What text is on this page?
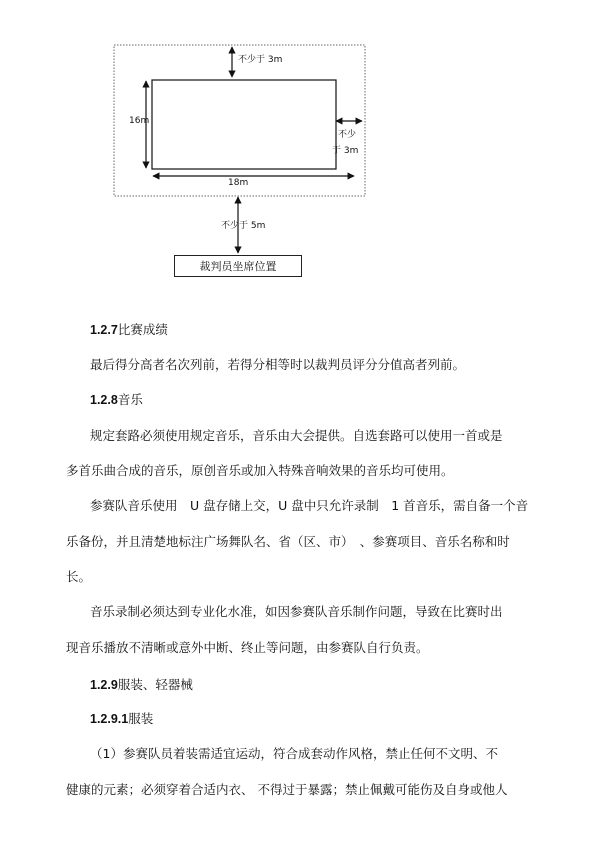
不少于 3m
16m
不少
于 3m
18m
不少于 5m
裁判员坐席位置
1.2.7比赛成绩
最后得分高者名次列前，若得分相等时以裁判员评分分值高者列前。
1.2.8音乐
规定套路必须使用规定音乐，音乐由大会提供。自选套路可以使用一首或是
多首乐曲合成的音乐，原创音乐或加入特殊音响效果的音乐均可使用。
参赛队音乐使用　U 盘存储上交，U 盘中只允许录制　1 首音乐，需自备一个音
乐备份，并且清楚地标注广场舞队名、省（区、市）　、参赛项目、音乐名称和时
长。
音乐录制必须达到专业化水准，如因参赛队音乐制作问题，导致在比赛时出
现音乐播放不清晰或意外中断、终止等问题，由参赛队自行负责。
1.2.9服装、轻器械
1.2.9.1服装
（1）参赛队员着装需适宜运动，符合成套动作风格，禁止任何不文明、不
健康的元素；必须穿着合适内衣、 不得过于暴露；禁止佩戴可能伤及自身或他人
